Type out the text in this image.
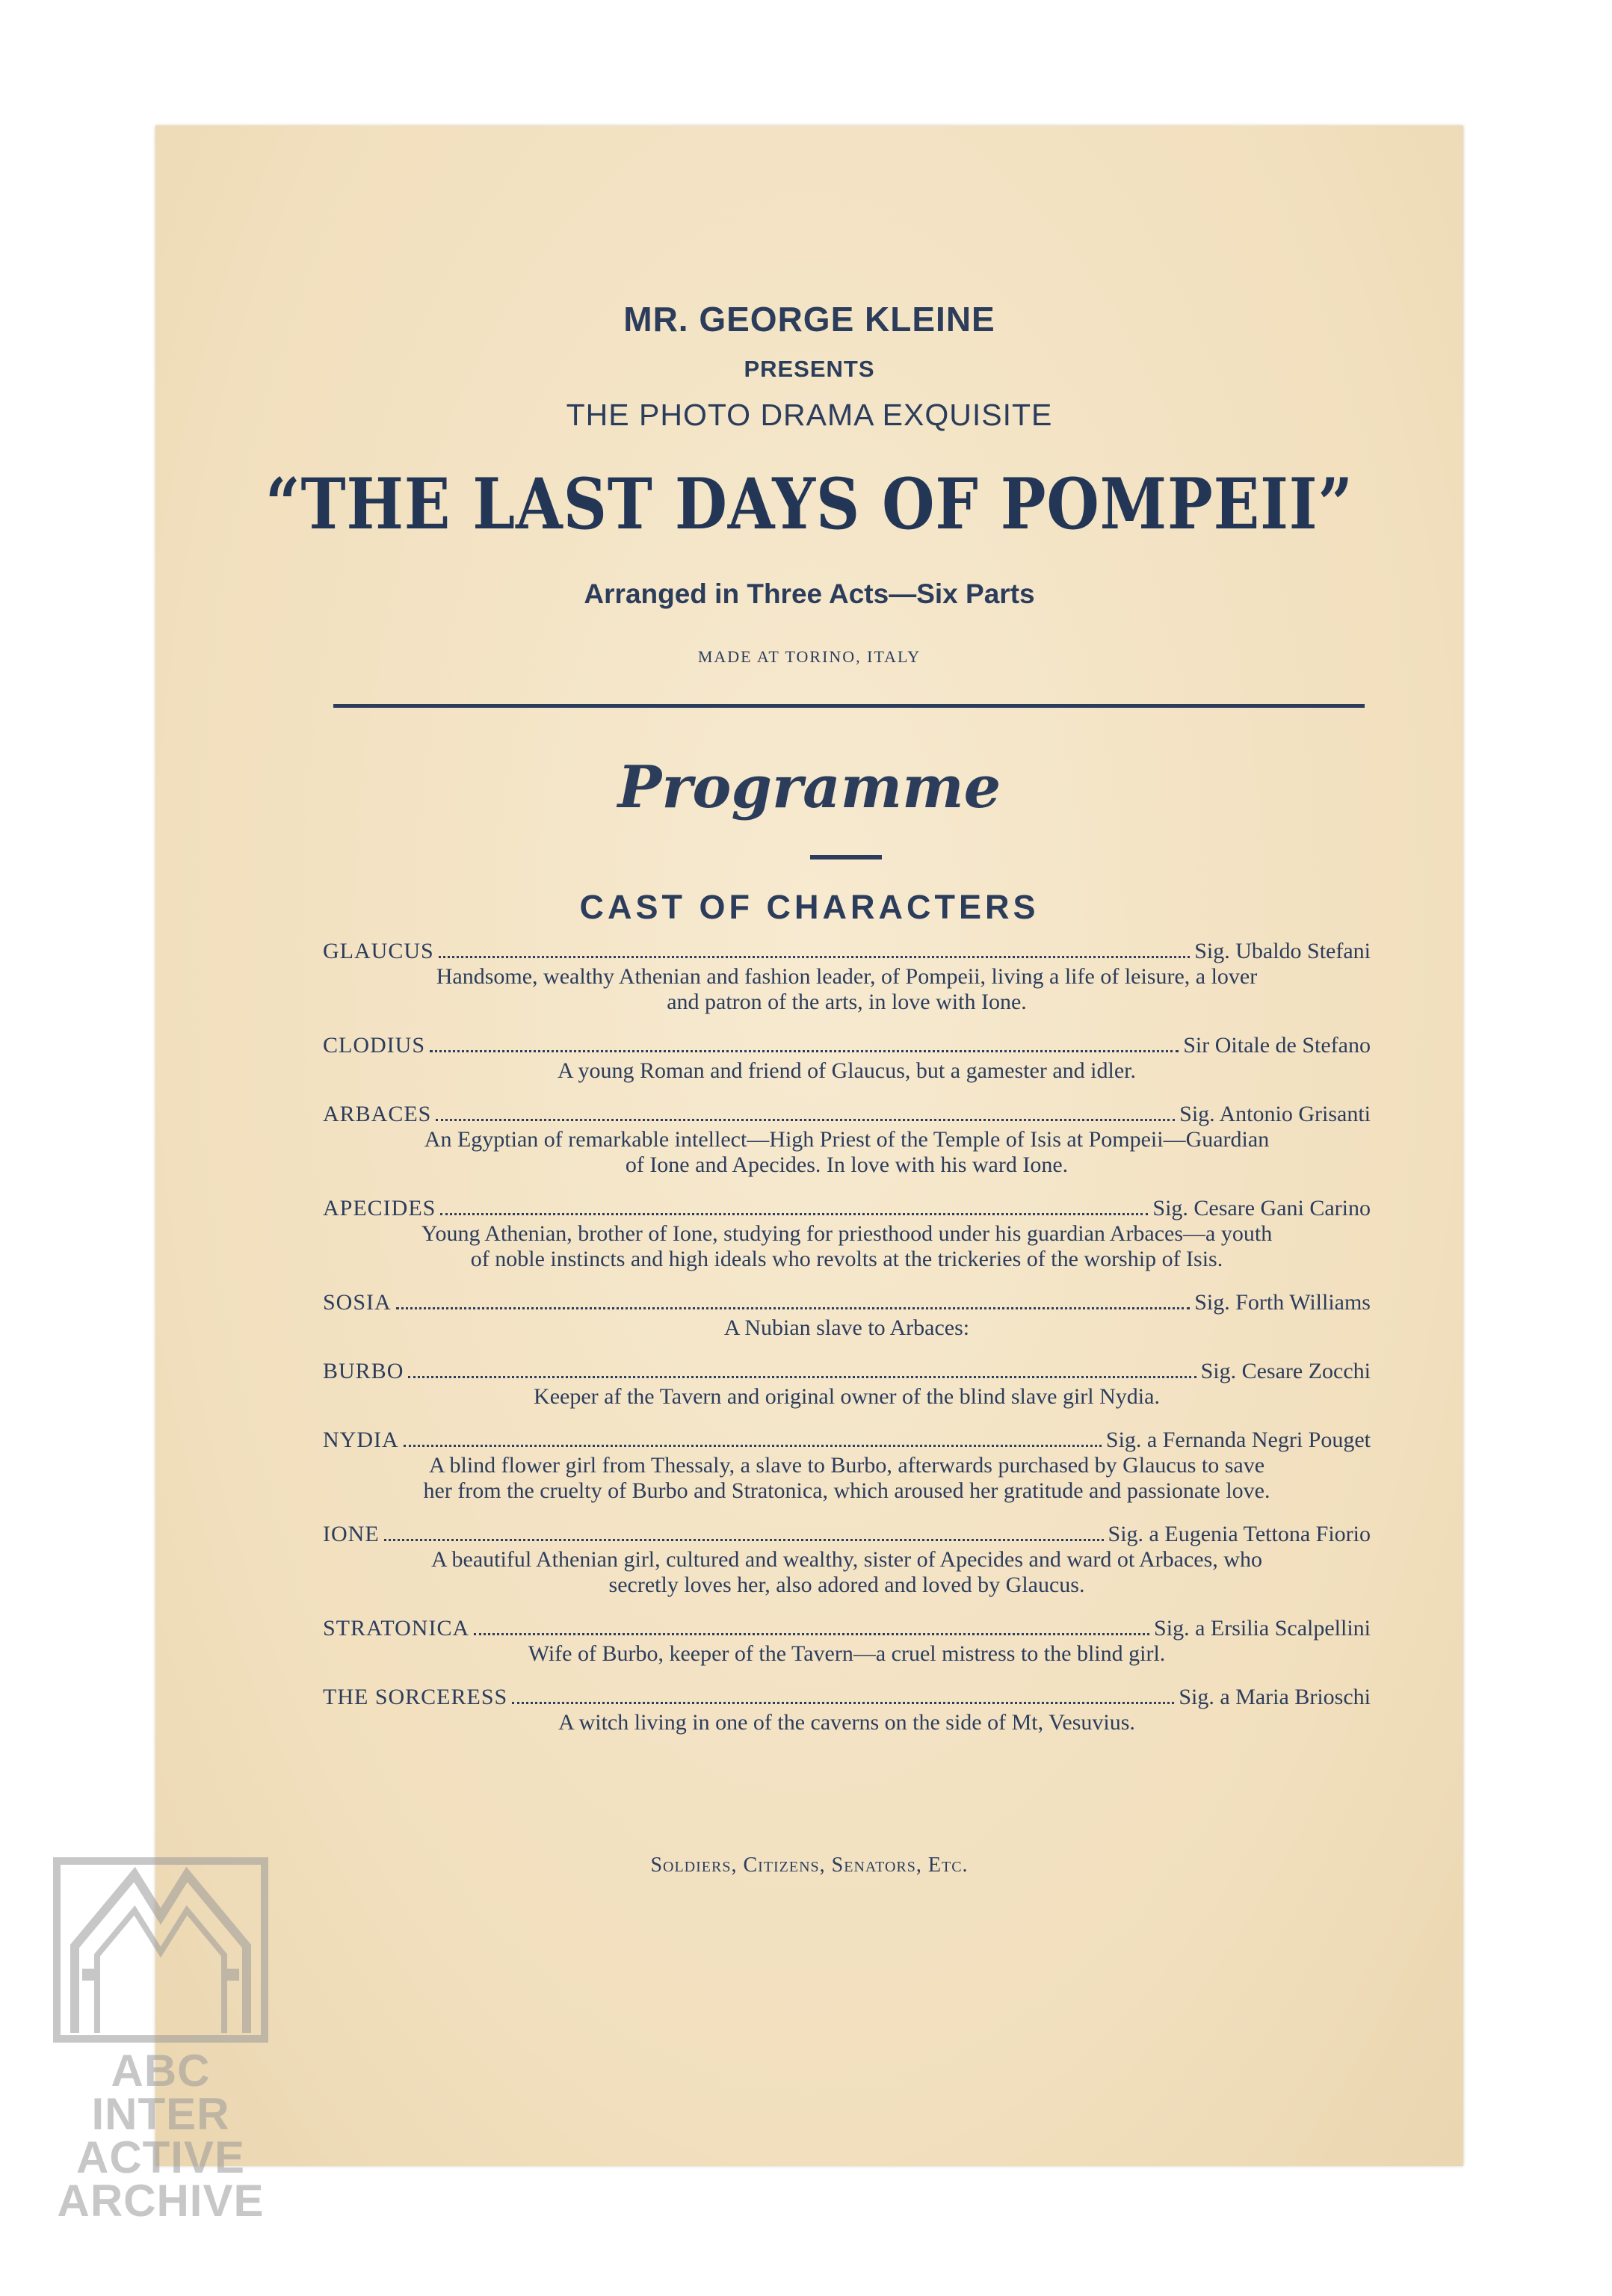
MR. GEORGE KLEINE
PRESENTS
THE PHOTO DRAMA EXQUISITE
“THE LAST DAYS OF POMPEII”
Arranged in Three Acts—Six Parts
MADE AT TORINO, ITALY
Programme
CAST OF CHARACTERS
GLAUCUS	Sig. Ubaldo Stefani
Handsome, wealthy Athenian and fashion leader, of Pompeii, living a life of leisure, a lover and patron of the arts, in love with Ione.
CLODIUS	Sir Oitale de Stefano
A young Roman and friend of Glaucus, but a gamester and idler.
ARBACES	Sig. Antonio Grisanti
An Egyptian of remarkable intellect—High Priest of the Temple of Isis at Pompeii—Guardian of Ione and Apecides. In love with his ward Ione.
APECIDES	Sig. Cesare Gani Carino
Young Athenian, brother of Ione, studying for priesthood under his guardian Arbaces—a youth of noble instincts and high ideals who revolts at the trickeries of the worship of Isis.
SOSIA	Sig. Forth Williams
A Nubian slave to Arbaces:
BURBO	Sig. Cesare Zocchi
Keeper af the Tavern and original owner of the blind slave girl Nydia.
NYDIA	Sig. a Fernanda Negri Pouget
A blind flower girl from Thessaly, a slave to Burbo, afterwards purchased by Glaucus to save her from the cruelty of Burbo and Stratonica, which aroused her gratitude and passionate love.
IONE	Sig. a Eugenia Tettona Fiorio
A beautiful Athenian girl, cultured and wealthy, sister of Apecides and ward ot Arbaces, who secretly loves her, also adored and loved by Glaucus.
STRATONICA	Sig. a Ersilia Scalpellini
Wife of Burbo, keeper of the Tavern—a cruel mistress to the blind girl.
THE SORCERESS	Sig. a Maria Brioschi
A witch living in one of the caverns on the side of Mt, Vesuvius.
Soldiers, Citizens, Senators, Etc.
ABC
INTER
ACTIVE
ARCHIVE
